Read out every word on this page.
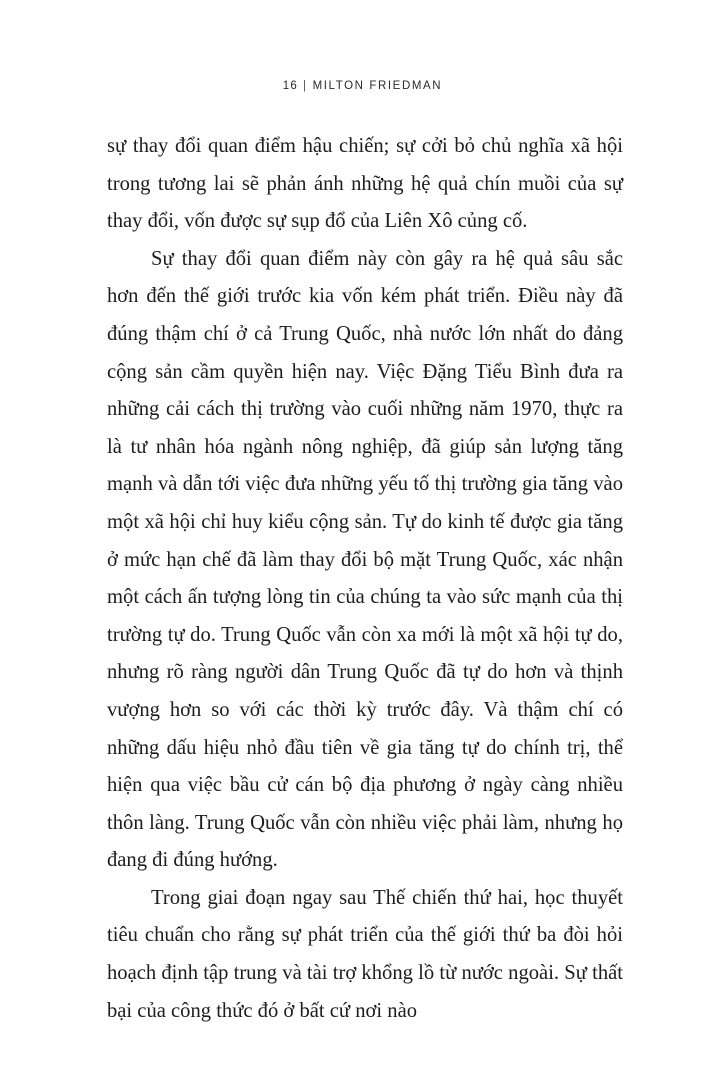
16 | MILTON FRIEDMAN

sự thay đổi quan điểm hậu chiến; sự cởi bỏ chủ nghĩa xã hội trong tương lai sẽ phản ánh những hệ quả chín muồi của sự thay đổi, vốn được sự sụp đổ của Liên Xô củng cố.

Sự thay đổi quan điểm này còn gây ra hệ quả sâu sắc hơn đến thế giới trước kia vốn kém phát triển. Điều này đã đúng thậm chí ở cả Trung Quốc, nhà nước lớn nhất do đảng cộng sản cầm quyền hiện nay. Việc Đặng Tiểu Bình đưa ra những cải cách thị trường vào cuối những năm 1970, thực ra là tư nhân hóa ngành nông nghiệp, đã giúp sản lượng tăng mạnh và dẫn tới việc đưa những yếu tố thị trường gia tăng vào một xã hội chỉ huy kiểu cộng sản. Tự do kinh tế được gia tăng ở mức hạn chế đã làm thay đổi bộ mặt Trung Quốc, xác nhận một cách ấn tượng lòng tin của chúng ta vào sức mạnh của thị trường tự do. Trung Quốc vẫn còn xa mới là một xã hội tự do, nhưng rõ ràng người dân Trung Quốc đã tự do hơn và thịnh vượng hơn so với các thời kỳ trước đây. Và thậm chí có những dấu hiệu nhỏ đầu tiên về gia tăng tự do chính trị, thể hiện qua việc bầu cử cán bộ địa phương ở ngày càng nhiều thôn làng. Trung Quốc vẫn còn nhiều việc phải làm, nhưng họ đang đi đúng hướng.

Trong giai đoạn ngay sau Thế chiến thứ hai, học thuyết tiêu chuẩn cho rằng sự phát triển của thế giới thứ ba đòi hỏi hoạch định tập trung và tài trợ khổng lồ từ nước ngoài. Sự thất bại của công thức đó ở bất cứ nơi nào
